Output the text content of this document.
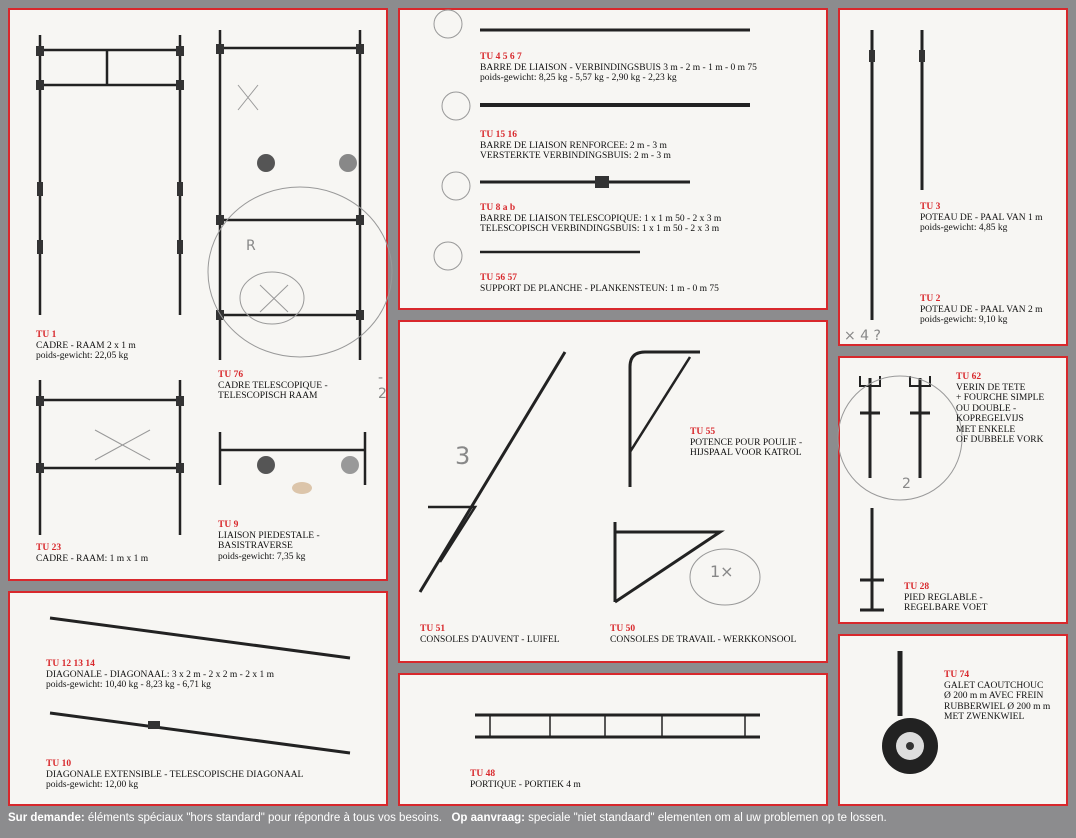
R
- 2
TU 1
CADRE - RAAM 2 x 1 m
poids-gewicht: 22,05 kg
TU 76
CADRE TELESCOPIQUE -
TELESCOPISCH RAAM
TU 23
CADRE - RAAM: 1 m x 1 m
TU 9
LIAISON PIEDESTALE -
BASISTRAVERSE
poids-gewicht: 7,35 kg
TU 4 5 6 7
BARRE DE LIAISON - VERBINDINGSBUIS 3 m - 2 m - 1 m - 0 m 75
poids-gewicht: 8,25 kg - 5,57 kg - 2,90 kg - 2,23 kg
TU 15 16
BARRE DE LIAISON RENFORCEE: 2 m - 3 m
VERSTERKTE VERBINDINGSBUIS: 2 m - 3 m
TU 8 a b
BARRE DE LIAISON TELESCOPIQUE: 1 x 1 m 50 - 2 x 3 m
TELESCOPISCH VERBINDINGSBUIS: 1 x 1 m 50 - 2 x 3 m
TU 56 57
SUPPORT DE PLANCHE - PLANKENSTEUN: 1 m - 0 m 75
TU 3
POTEAU DE - PAAL VAN 1 m
poids-gewicht: 4,85 kg
TU 2
POTEAU DE - PAAL VAN 2 m
poids-gewicht: 9,10 kg
× 4 ?
3
1×
TU 55
POTENCE POUR POULIE -
HIJSPAAL VOOR KATROL
TU 51
CONSOLES D'AUVENT - LUIFEL
TU 50
CONSOLES DE TRAVAIL - WERKKONSOOL
2
TU 62
VERIN DE TETE
+ FOURCHE SIMPLE
OU DOUBLE -
KOPREGELVIJS
MET ENKELE
OF DUBBELE VORK
TU 28
PIED REGLABLE -
REGELBARE VOET
TU 12 13 14
DIAGONALE - DIAGONAAL: 3 x 2 m - 2 x 2 m - 2 x 1 m
poids-gewicht: 10,40 kg - 8,23 kg - 6,71 kg
TU 10
DIAGONALE EXTENSIBLE - TELESCOPISCHE DIAGONAAL
poids-gewicht: 12,00 kg
TU 48
PORTIQUE - PORTIEK 4 m
TU 74
GALET CAOUTCHOUC
Ø 200 m m AVEC FREIN
RUBBERWIEL Ø 200 m m
MET ZWENKWIEL
Sur demande: éléments spéciaux "hors standard" pour répondre à tous vos besoins. Op aanvraag: speciale "niet standaard" elementen om al uw problemen op te lossen.
